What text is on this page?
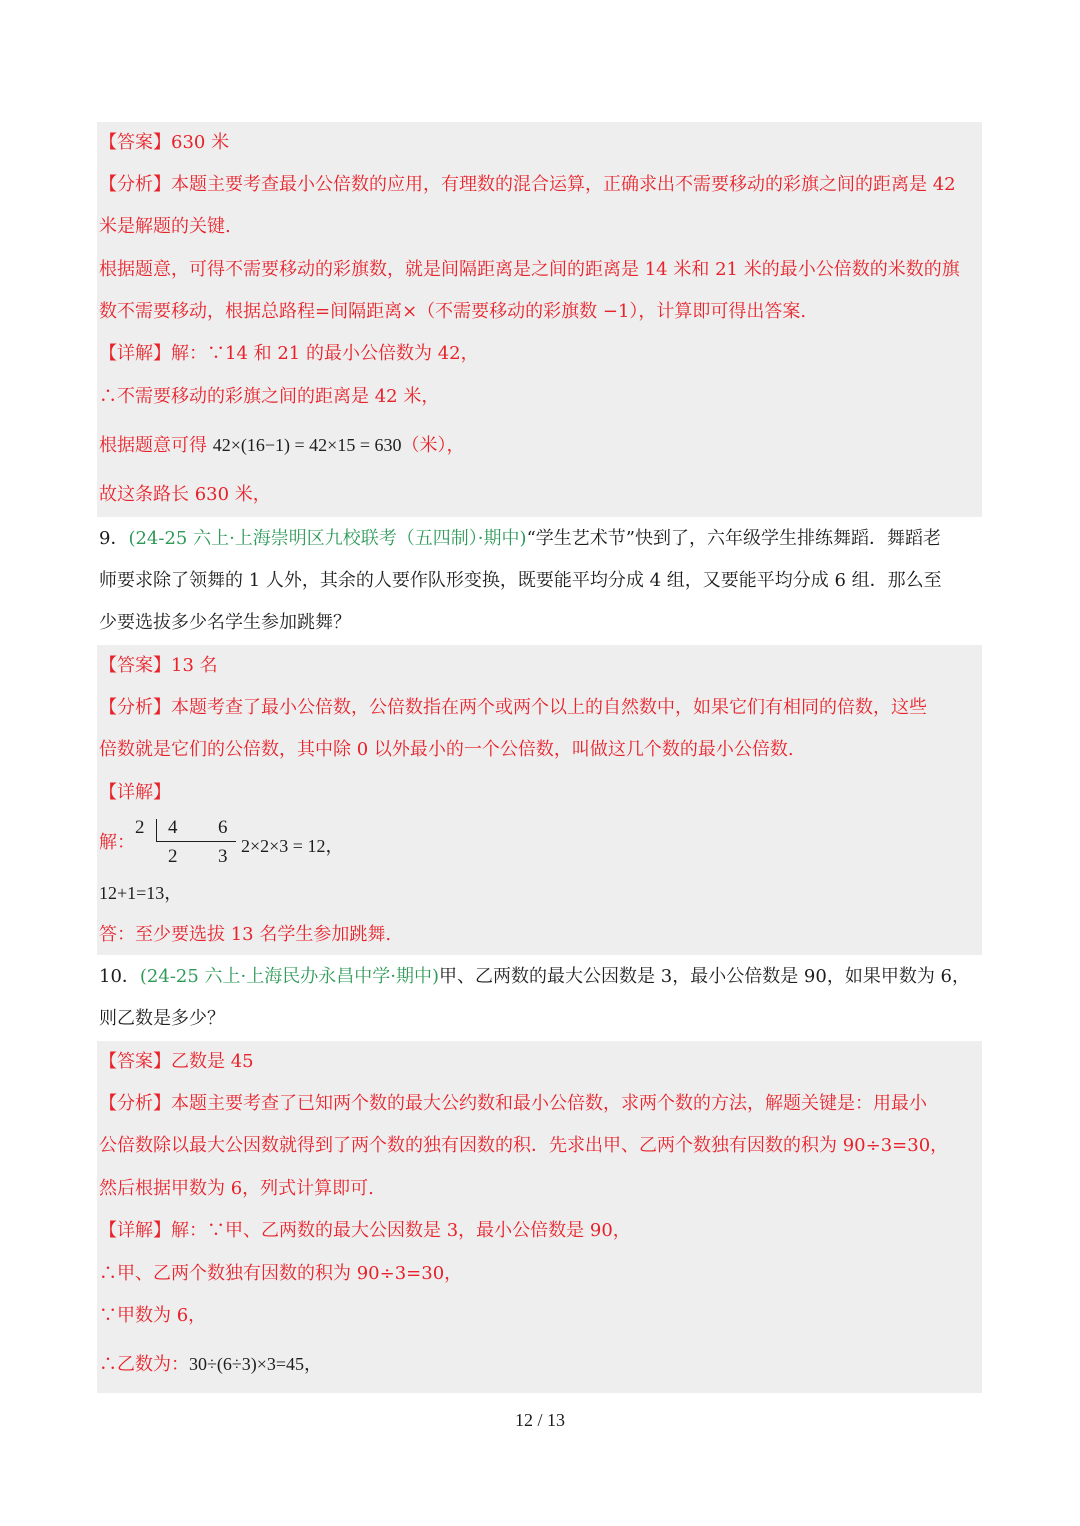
【答案】630 米
【分析】本题主要考查最小公倍数的应用，有理数的混合运算，正确求出不需要移动的彩旗之间的距离是 42
米是解题的关键.
根据题意，可得不需要移动的彩旗数，就是间隔距离是之间的距离是 14 米和 21 米的最小公倍数的米数的旗
数不需要移动，根据总路程=间隔距离×（不需要移动的彩旗数 −1），计算即可得出答案.
【详解】解：∵14 和 21 的最小公倍数为 42，
∴不需要移动的彩旗之间的距离是 42 米，
根据题意可得 42×(16−1) = 42×15 = 630（米），
故这条路长 630 米，
9．(24-25 六上·上海崇明区九校联考（五四制）·期中)“学生艺术节”快到了，六年级学生排练舞蹈．舞蹈老
师要求除了领舞的 1 人外，其余的人要作队形变换，既要能平均分成 4 组，又要能平均分成 6 组．那么至
少要选拔多少名学生参加跳舞？
【答案】13 名
【分析】本题考查了最小公倍数，公倍数指在两个或两个以上的自然数中，如果它们有相同的倍数，这些
倍数就是它们的公倍数，其中除 0 以外最小的一个公倍数，叫做这几个数的最小公倍数.
【详解】
解：
2 4 6
2 3 2×2×3 = 12，
12+1=13，
答：至少要选拔 13 名学生参加跳舞.
10．(24-25 六上·上海民办永昌中学·期中)甲、乙两数的最大公因数是 3，最小公倍数是 90，如果甲数为 6，
则乙数是多少？
【答案】乙数是 45
【分析】本题主要考查了已知两个数的最大公约数和最小公倍数，求两个数的方法，解题关键是：用最小
公倍数除以最大公因数就得到了两个数的独有因数的积．先求出甲、乙两个数独有因数的积为 90÷3=30，
然后根据甲数为 6，列式计算即可.
【详解】解：∵甲、乙两数的最大公因数是 3，最小公倍数是 90，
∴甲、乙两个数独有因数的积为 90÷3=30，
∵甲数为 6，
∴乙数为：30÷(6÷3)×3=45，
12 / 13
